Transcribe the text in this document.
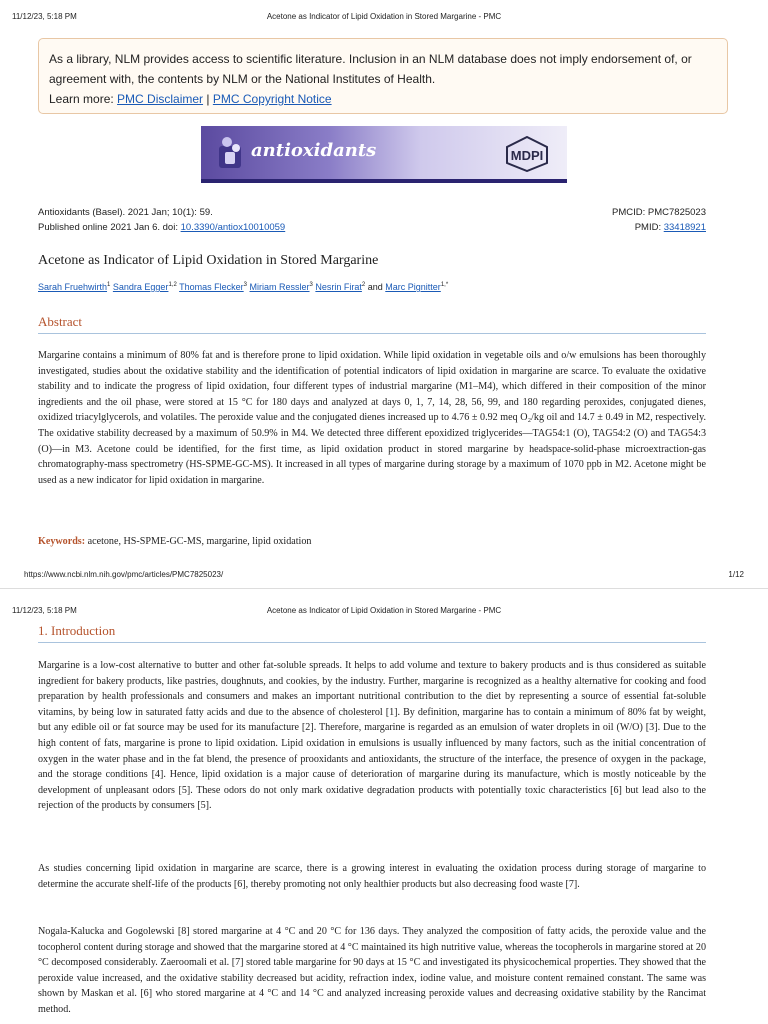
11/12/23, 5:18 PM	Acetone as Indicator of Lipid Oxidation in Stored Margarine - PMC
As a library, NLM provides access to scientific literature. Inclusion in an NLM database does not imply endorsement of, or agreement with, the contents by NLM or the National Institutes of Health.
Learn more: PMC Disclaimer | PMC Copyright Notice
antioxidants	MDPI
Antioxidants (Basel). 2021 Jan; 10(1): 59.
Published online 2021 Jan 6. doi: 10.3390/antiox10010059
PMCID: PMC7825023
PMID: 33418921
Acetone as Indicator of Lipid Oxidation in Stored Margarine
Sarah Fruehwirth$^1$ Sandra Egger$^{1,2}$ Thomas Flecker$^3$ Miriam Ressler$^3$ Nesrin Firat$^2$ and Marc Pignitter$^{1,*}$
Abstract

Margarine contains a minimum of 80% fat and is therefore prone to lipid oxidation. While lipid oxidation in vegetable oils and o/w emulsions has been thoroughly investigated, studies about the oxidative stability and the identification of potential indicators of lipid oxidation in margarine are scarce. To evaluate the oxidative stability and to indicate the progress of lipid oxidation, four different types of industrial margarine (M1–M4), which differed in their composition of the minor ingredients and the oil phase, were stored at 15 °C for 180 days and analyzed at days 0, 1, 7, 14, 28, 56, 99, and 180 regarding peroxides, conjugated dienes, oxidized triacylglycerols, and volatiles. The peroxide value and the conjugated dienes increased up to 4.76 ± 0.92 meq O₂/kg oil and 14.7 ± 0.49 in M2, respectively. The oxidative stability decreased by a maximum of 50.9% in M4. We detected three different epoxidized triglycerides—TAG54:1 (O), TAG54:2 (O) and TAG54:3 (O)—in M3. Acetone could be identified, for the first time, as lipid oxidation product in stored margarine by headspace-solid-phase microextraction-gas chromatography-mass spectrometry (HS-SPME-GC-MS). It increased in all types of margarine during storage by a maximum of 1070 ppb in M2. Acetone might be used as a new indicator for lipid oxidation in margarine.

Keywords: acetone, HS-SPME-GC-MS, margarine, lipid oxidation
https://www.ncbi.nlm.nih.gov/pmc/articles/PMC7825023/	1/12
11/12/23, 5:18 PM	Acetone as Indicator of Lipid Oxidation in Stored Margarine - PMC
1. Introduction

Margarine is a low-cost alternative to butter and other fat-soluble spreads. It helps to add volume and texture to bakery products and is thus considered as suitable ingredient for bakery products, like pastries, doughnuts, and cookies, by the industry. Further, margarine is recognized as a healthy alternative for cooking and food preparation by health professionals and consumers and makes an important nutritional contribution to the diet by representing a source of essential fat-soluble vitamins, by being low in saturated fatty acids and due to the absence of cholesterol [1]. By definition, margarine has to contain a minimum of 80% fat by weight, but any edible oil or fat source may be used for its manufacture [2]. Therefore, margarine is regarded as an emulsion of water droplets in oil (W/O) [3]. Due to the high content of fats, margarine is prone to lipid oxidation. Lipid oxidation in emulsions is usually influenced by many factors, such as the initial concentration of oxygen in the water phase and in the fat blend, the presence of prooxidants and antioxidants, the structure of the interface, the presence of oxygen in the package, and the storage conditions [4]. Hence, lipid oxidation is a major cause of deterioration of margarine during its manufacture, which is mostly noticeable by the development of unpleasant odors [5]. These odors do not only mark oxidative degradation products with potentially toxic characteristics [6] but lead also to the rejection of the products by consumers [5].

As studies concerning lipid oxidation in margarine are scarce, there is a growing interest in evaluating the oxidation process during storage of margarine to determine the accurate shelf-life of the products [6], thereby promoting not only healthier products but also decreasing food waste [7].

Nogala-Kalucka and Gogolewski [8] stored margarine at 4 °C and 20 °C for 136 days. They analyzed the composition of fatty acids, the peroxide value and the tocopherol content during storage and showed that the margarine stored at 4 °C maintained its high nutritive value, whereas the tocopherols in margarine stored at 20 °C decomposed considerably. Zaeroomali et al. [7] stored table margarine for 90 days at 15 °C and investigated its physicochemical properties. They showed that the peroxide value increased, and the oxidative stability decreased but acidity, refraction index, iodine value, and moisture content remained constant. The same was shown by Maskan et al. [6] who stored margarine at 4 °C and 14 °C and analyzed increasing peroxide values and decreasing oxidative stability by the Rancimat method.
